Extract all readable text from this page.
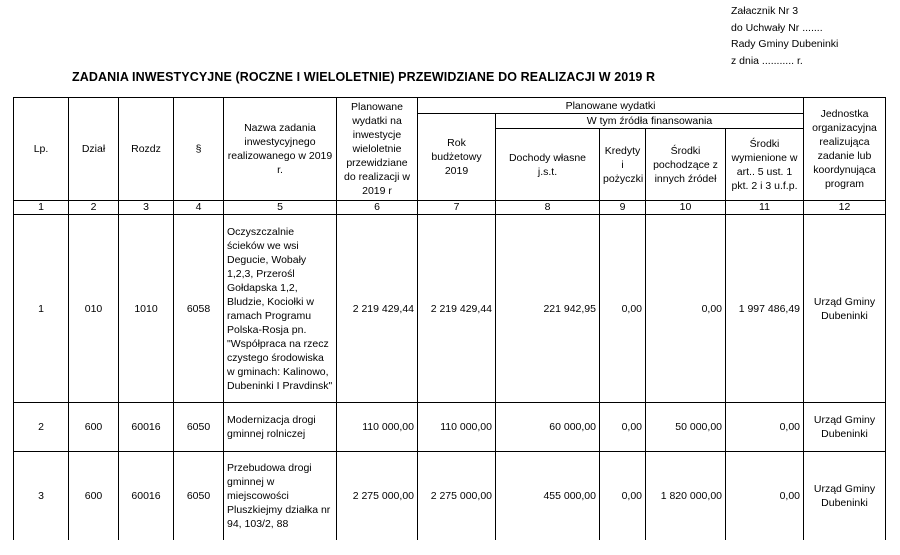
Załacznik Nr 3
do Uchwały Nr .......
Rady Gminy Dubeninki
z dnia ........... r.
ZADANIA INWESTYCYJNE (ROCZNE I WIELOLETNIE) PRZEWIDZIANE DO REALIZACJI W 2019 R
Lp.	Dział	Rozdz	§	Nazwa zadania inwestycyjnego realizowanego w 2019 r.	Planowane wydatki na inwestycje wieloletnie przewidziane do realizacji w 2019 r	Planowane wydatki					Jednostka organizacyjna realizująca zadanie lub koordynująca program
						Rok budżetowy 2019	W tym źródła finansowania				
							Dochody własne j.s.t.	Kredyty i pożyczki	Środki pochodzące z innych źródeł	Środki wymienione w art.. 5 ust. 1 pkt. 2 i 3 u.f.p.	
1	2	3	4	5	6	7	8	9	10	11	12
1	010	1010	6058	Oczyszczalnie ścieków we wsi Degucie, Wobały 1,2,3, Przerośl Gołdapska 1,2, Bludzie, Kociołki w ramach Programu Polska-Rosja pn. "Współpraca na rzecz czystego środowiska w gminach: Kalinowo, Dubeninki I Pravdinsk"	2 219 429,44	2 219 429,44	221 942,95	0,00	0,00	1 997 486,49	Urząd Gminy Dubeninki
2	600	60016	6050	Modernizacja drogi gminnej rolniczej	110 000,00	110 000,00	60 000,00	0,00	50 000,00	0,00	Urząd Gminy Dubeninki
3	600	60016	6050	Przebudowa drogi gminnej w miejscowości Pluszkiejmy działka nr 94, 103/2, 88	2 275 000,00	2 275 000,00	455 000,00	0,00	1 820 000,00	0,00	Urząd Gminy Dubeninki
